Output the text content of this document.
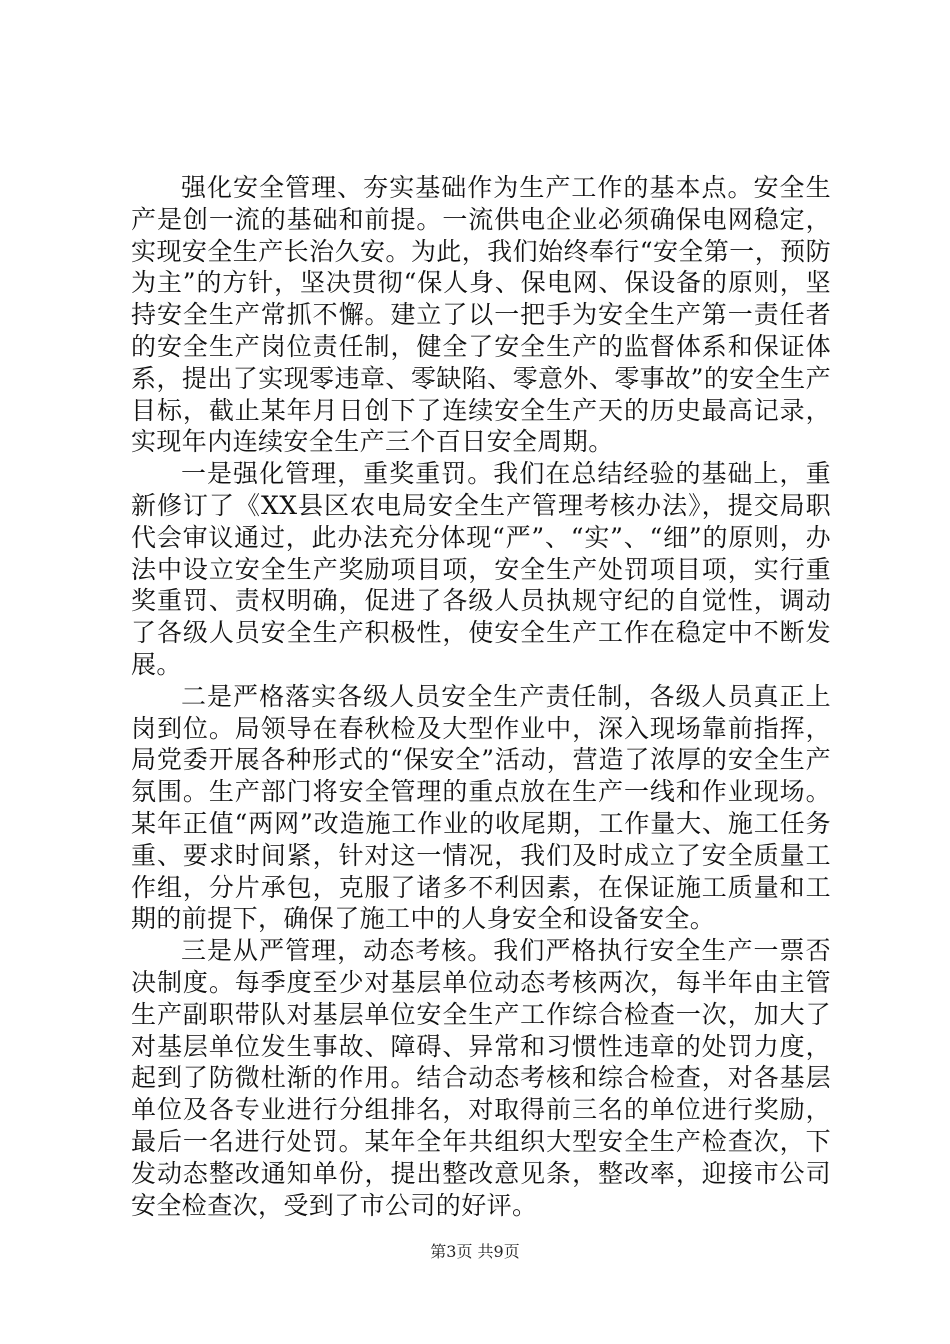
强化安全管理、夯实基础作为生产工作的基本点。安全生产是创一流的基础和前提。一流供电企业必须确保电网稳定，实现安全生产长治久安。为此，我们始终奉行“安全第一，预防为主”的方针，坚决贯彻“保人身、保电网、保设备的原则，坚持安全生产常抓不懈。建立了以一把手为安全生产第一责任者的安全生产岗位责任制，健全了安全生产的监督体系和保证体系，提出了实现零违章、零缺陷、零意外、零事故”的安全生产目标，截止某年月日创下了连续安全生产天的历史最高记录，实现年内连续安全生产三个百日安全周期。

一是强化管理，重奖重罚。我们在总结经验的基础上，重新修订了《XX县区农电局安全生产管理考核办法》，提交局职代会审议通过，此办法充分体现“严”、“实”、“细”的原则，办法中设立安全生产奖励项目项，安全生产处罚项目项，实行重奖重罚、责权明确，促进了各级人员执规守纪的自觉性，调动了各级人员安全生产积极性，使安全生产工作在稳定中不断发展。

二是严格落实各级人员安全生产责任制，各级人员真正上岗到位。局领导在春秋检及大型作业中，深入现场靠前指挥，局党委开展各种形式的“保安全”活动，营造了浓厚的安全生产氛围。生产部门将安全管理的重点放在生产一线和作业现场。某年正值“两网”改造施工作业的收尾期，工作量大、施工任务重、要求时间紧，针对这一情况，我们及时成立了安全质量工作组，分片承包，克服了诸多不利因素，在保证施工质量和工期的前提下，确保了施工中的人身安全和设备安全。

三是从严管理，动态考核。我们严格执行安全生产一票否决制度。每季度至少对基层单位动态考核两次，每半年由主管生产副职带队对基层单位安全生产工作综合检查一次，加大了对基层单位发生事故、障碍、异常和习惯性违章的处罚力度，起到了防微杜渐的作用。结合动态考核和综合检查，对各基层单位及各专业进行分组排名，对取得前三名的单位进行奖励，最后一名进行处罚。某年全年共组织大型安全生产检查次，下发动态整改通知单份，提出整改意见条，整改率，迎接市公司安全检查次，受到了市公司的好评。

第3页 共9页
